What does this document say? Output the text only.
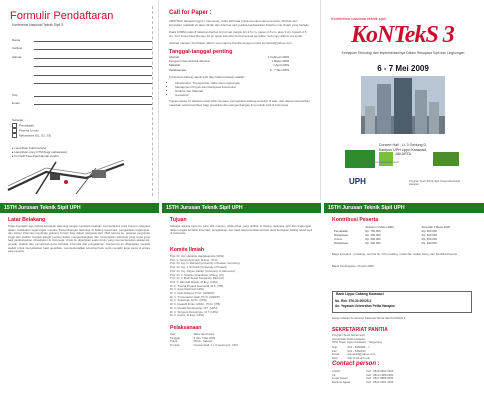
Formulir Pendaftaran
Konferensi Nasional Teknik Sipil 3
Nama
Institusi
Alamat
Telp
Email
Sebagai :
Pemakalah
Peserta Umum
Mahasiswa (S1, S2, S3)
▸ Lampirkan bukti transfer
▸ Lampirkan copy KTM (bagi mahasiswa)
▸ Formulir bisa diperbanyak sendiri
Call for Paper :
ABSTRAK bahasa Inggris / Indonesia, maks 200 kata (minimal pukul sama penulis). Abstrak dan kemudian makalah ini akan dinilai dan diterima oleh panitia berdasarkan kriteria mutu ilmiah yang berlaku.
Pada FORM maks 8 halaman berikut A4 format margin kiri 3,5 cm, kanan 2,5 cm, atas 3 cm, bawah 2,5 cm, font Times New Roman 10 pt, spasi satu dan format sesuai template. Soft copy dikirim via email.
Abstrak maupun Full Paper dikirim via email ke Panitia dengan email: konteks3@yahoo.com
Tanggal-tanggal penting
Abstrak	1 Februari 2009
Pengumuman abstrak diterima	1 Maret 2009
Makalah	1 April 2009
Pelaksanaan	6 - 7 Mei 2009
Konferensi bidang teknik sipil (tapi tidak terbatas) adalah:
• Infrastruktur, Transportasi, Hidro dan Lingkungan
• Manajemen Proyek dan Rekayasa Konstruksi
• Struktur dan Material
• Geoteknik
Tujuan-tujuan ini disertai untuk lebih memacu peningkatan bidang tersebut di atas, dan dapat memberikan masukan serta kontribusi bagi penelitian dan pengembangan ilmu teknik sipil di Indonesia.
Konferensi nasional teknik sipil
KoNTekS 3
Kemajuan Teknologi dan Implementasinya Dalam Rekayasa Sipil dan Lingkungan
6 - 7 Mei 2009
Concert Hall , Lt. 3 Gedung D,
Kampus UPH Lippo Karawaci,
JAKARTA
Diselenggarakan bersama oleh:
UPH	Program Studi Teknik Sipil Universitas Pelita Harapan
15TH Jurusan Teknik Sipil UPH
Latar Belakang
Tidak dipungkiri lagi, bahwa kemajuan teknologi sangat membantu bahkan memperlancar para insinyur rekayasa dalam melakukan tugas-tugas mereka. Perkembangan teknologi di bidang konstruksi, pengelolaan lingkungan, dan sistem informasi membuka peluang inovasi baru dalam rekayasa sipil. Oleh karena itu, peranan perguruan tinggi dan praktisi menjadi sangat penting dalam mengembangkan dan menerapkan teknologi yang tepat guna bagi pembangunan infrastruktur di Indonesia. Untuk itu diperlukan suatu forum yang mempertemukan akademisi, peneliti, praktisi dan pemerintah guna bertukar informasi dan pengalaman. Konferensi ini diharapkan menjadi wadah untuk menyebarkan hasil penelitian, memperkenalkan teknologi baru serta menjalin kerja sama di antara para peserta.
15TH Jurusan Teknik Sipil UPH
Tujuan
Sebagai sarana bertemu para ahli maupun pihak-pihak yang terlibat di bidang rekayasa sipil dan lingkungan, dalam rangka bertukar informasi, pengalaman, dan hasil-hasil penelitian terbaru demi kemajuan bidang teknik sipil di Indonesia.
Komite Ilmiah
Prof. Dr. Ing. Harianto Hardjasaputra (UPH)
Prof. Ir. Sentot Achmadi, M.Eng., Ph.D.
Prof. Dr. Ing. K. Rehfeld (University of Kassel, Germany)
Prof. Dr. Ing. J. Schmidt (University of Kassel)
Prof. Dr. Ing. Jürgen Hettler (University of Hannover)
Prof. Dr. Ir. Sutanto Sinambela, M.Eng. (UI)
Prof. Dr. Ir. Budi Susilo Soepandji, DEA (UI)
Prof. Ir. Hamzah Hasan, M.Eng. (UPH)
Dr. Ir. Tresna Priyana Soemardi, M.S. (ITB)
Dr. Ir. Agus Rachmat (UPH)
Dr. Ir. Felix Hidayat, Ph.D. (UNPAR)
Dr. Ir. Tri Gunawan Hadi, Ph.D. (UNDIP)
Dr. Ir. Suswanto, M.Sc. (UPH)
Dr. Ir. Iswandi Imran, MASc., Ph.D. (ITB)
Dr. Ir. Ronald Simatupang, M.T. (UPH)
Dr. Ir. Wiryanto Dewobroto, M.T. (UPH)
Dr. Ir. Antoni, M.Eng. (UPH)
Pelaksanaan
Hari	: Rabu dan Kamis
Tanggal	: 6 dan 7 Mei 2009
Pukul	: 08.00 - Selesai
Tempat	: Concert Hall , Lt. 3 Gedung D, UPH
15TH Jurusan Teknik Sipil UPH
Kontribusi Peserta
	Sebelum 1 Maret 2009	Sesudah 1 Maret 2009
Pemakalah	Rp. 750.000	Rp. 900.000
Mahasiswa	Rp. 400.000	Rp. 500.000
Umum	Rp. 500.000	Rp. 600.000
Mahasiswa	Rp. 200.000	Rp. 250.000
Biaya termasuk : prosiding, seminar kit, CD prosiding, snack dan makan siang, dan Sertifikat Peserta
Batas Pembayaran: 20 April 2009
Bank Lippo Cabang Karawaci
No. Rek. 576-30-00025-3
An. Yayasan Universitas Pelita Harapan
Harap tuliskan Konferensi Nasional Teknik Sipil KoNTekS 3
SEKRETARIAT PANITIA
Program Studi Teknik Sipil
Universitas Pelita Harapan
UPH Tower Lippo Karawaci - Tangerang
Telp	: 021 - 5460901 - 7
Fax	: 021 - 5460910
Email	: konteks3@yahoo.com
Web	: http://civil.uph.edu
Contact person :
Christi	Cell : 0818 0812 3302
Ira	Cell : 0813 1988 0281
Linda Sesari	Cell : 0817 9886 9532
Marlene Agata	Cell : 0812 1961 4455
